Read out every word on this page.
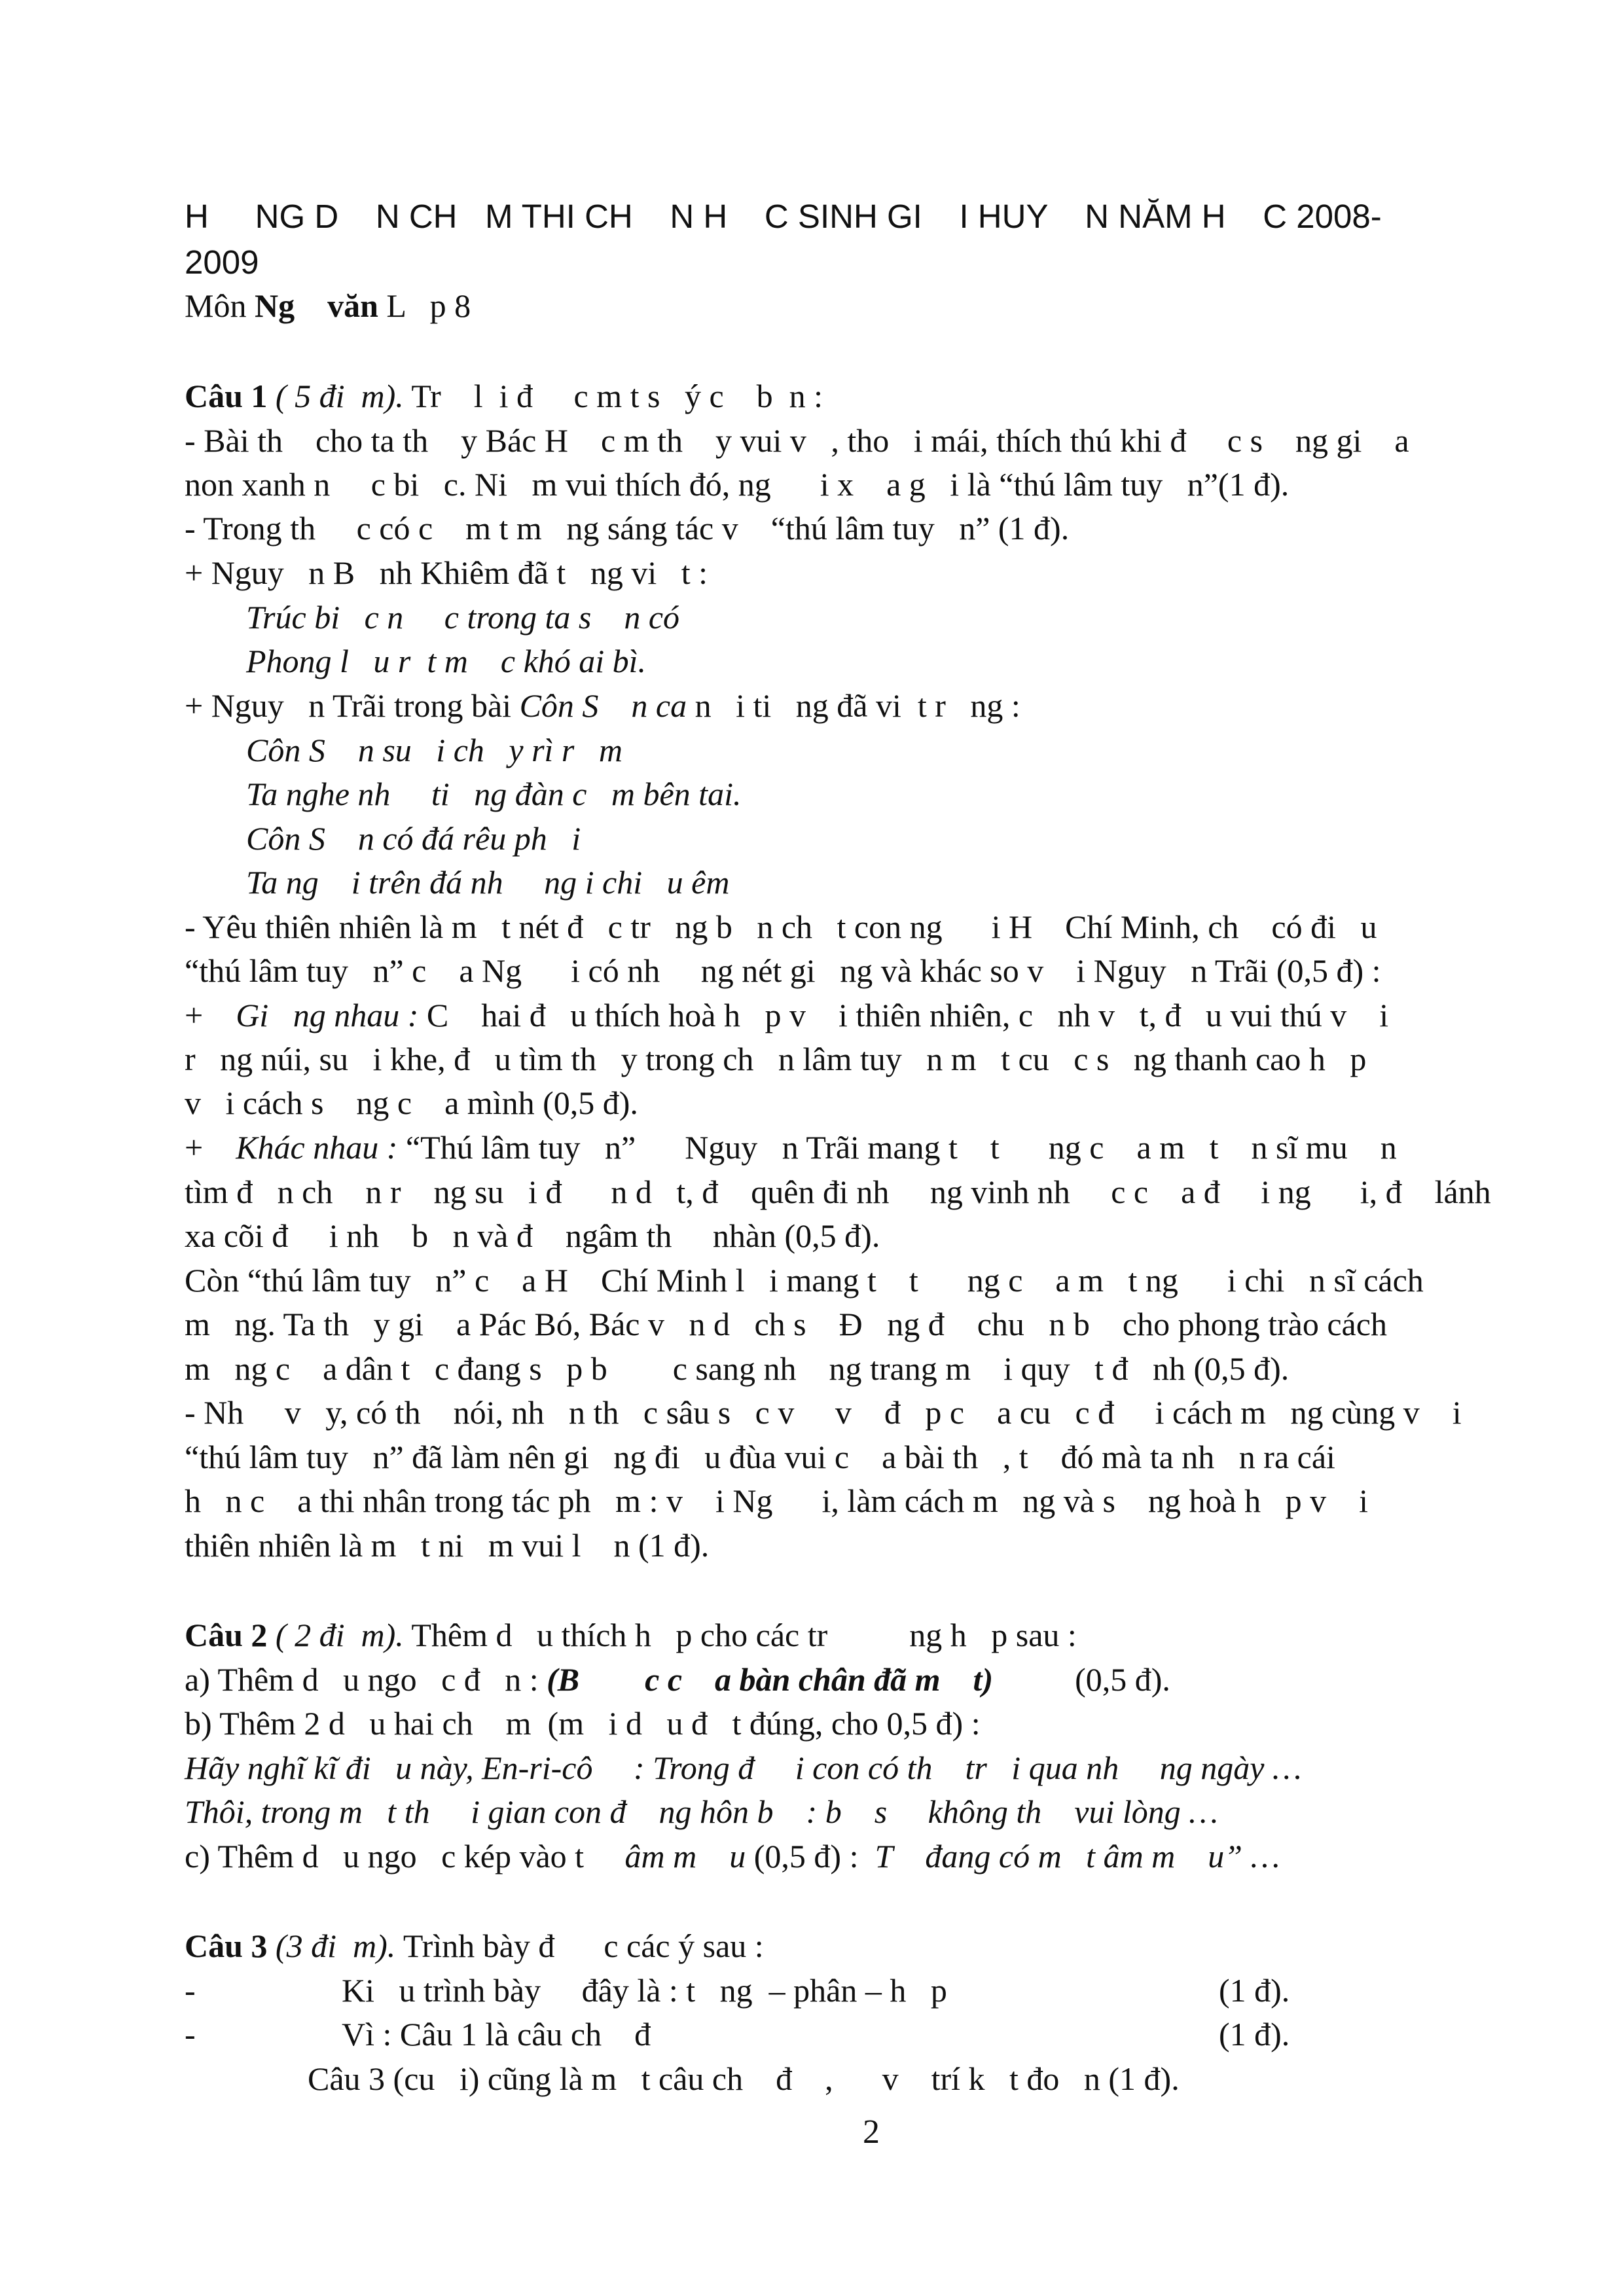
H     NG D    N CH   M THI CH    N H    C SINH GI    I HUY    N NĂM H    C 2008-
2009
Môn Ng    văn L   p 8
Câu 1 ( 5 đi  m). Tr    l  i đ     c m t s   ý c    b  n :
- Bài th    cho ta th    y Bác H    c m th    y vui v   , tho   i mái, thích thú khi đ     c s    ng gi    a
non xanh n     c bi   c. Ni   m vui thích đó, ng      i x    a g   i là “thú lâm tuy   n”(1 đ).
- Trong th     c có c    m t m   ng sáng tác v    “thú lâm tuy   n” (1 đ).
+ Nguy   n B   nh Khiêm đã t   ng vi   t :
Trúc bi   c n     c trong ta s    n có
Phong l   u r  t m    c khó ai bì.
+ Nguy   n Trãi trong bài Côn S    n ca n   i ti   ng đã vi  t r   ng :
Côn S    n su   i ch   y rì r   m
Ta nghe nh     ti   ng đàn c   m bên tai.
Côn S    n có đá rêu ph   i
Ta ng    i trên đá nh     ng i chi   u êm
- Yêu thiên nhiên là m   t nét đ   c tr   ng b   n ch   t con ng      i H    Chí Minh, ch    có đi   u
“thú lâm tuy   n” c    a Ng      i có nh     ng nét gi   ng và khác so v    i Nguy   n Trãi (0,5 đ) :
+    Gi   ng nhau : C    hai đ   u thích hoà h   p v    i thiên nhiên, c   nh v   t, đ   u vui thú v    i
r   ng núi, su   i khe, đ   u tìm th   y trong ch   n lâm tuy   n m   t cu   c s   ng thanh cao h   p
v   i cách s    ng c    a mình (0,5 đ).
+    Khác nhau : “Thú lâm tuy   n”      Nguy   n Trãi mang t    t      ng c    a m   t    n sĩ mu    n
tìm đ   n ch    n r    ng su   i đ      n d   t, đ    quên đi nh     ng vinh nh     c c    a đ     i ng      i, đ    lánh
xa cõi đ     i nh    b   n và đ    ngâm th     nhàn (0,5 đ).
Còn “thú lâm tuy   n” c    a H    Chí Minh l   i mang t    t      ng c    a m   t ng      i chi   n sĩ cách
m   ng. Ta th   y gi    a Pác Bó, Bác v   n d   ch s    Đ   ng đ    chu   n b    cho phong trào cách
m   ng c    a dân t   c đang s   p b        c sang nh    ng trang m    i quy   t đ   nh (0,5 đ).
- Nh     v   y, có th    nói, nh   n th   c sâu s   c v     v    đ   p c    a cu   c đ     i cách m   ng cùng v    i
“thú lâm tuy   n” đã làm nên gi   ng đi   u đùa vui c    a bài th   , t    đó mà ta nh   n ra cái
h   n c    a thi nhân trong tác ph   m : v    i Ng      i, làm cách m   ng và s    ng hoà h   p v    i
thiên nhiên là m   t ni   m vui l    n (1 đ).
Câu 2 ( 2 đi  m). Thêm d   u thích h   p cho các tr          ng h   p sau :
a) Thêm d   u ngo   c đ   n : (B        c c    a bàn chân đã m    t)	(0,5 đ).
b) Thêm 2 d   u hai ch    m  (m   i d   u đ   t đúng, cho 0,5 đ) :
Hãy nghĩ kĩ đi   u này, En-ri-cô     : Trong đ     i con có th    tr   i qua nh     ng ngày …
Thôi, trong m   t th     i gian con đ    ng hôn b    : b    s     không th    vui lòng …
c) Thêm d   u ngo   c kép vào t     âm m    u (0,5 đ) :  T    đang có m   t âm m    u” …
Câu 3 (3 đi  m). Trình bày đ      c các ý sau :
-	Ki   u trình bày     đây là : t   ng  – phân – h   p	(1 đ).
-	Vì : Câu 1 là câu ch    đ	(1 đ).
Câu 3 (cu   i) cũng là m   t câu ch    đ    ,      v    trí k   t đo   n (1 đ).
2
